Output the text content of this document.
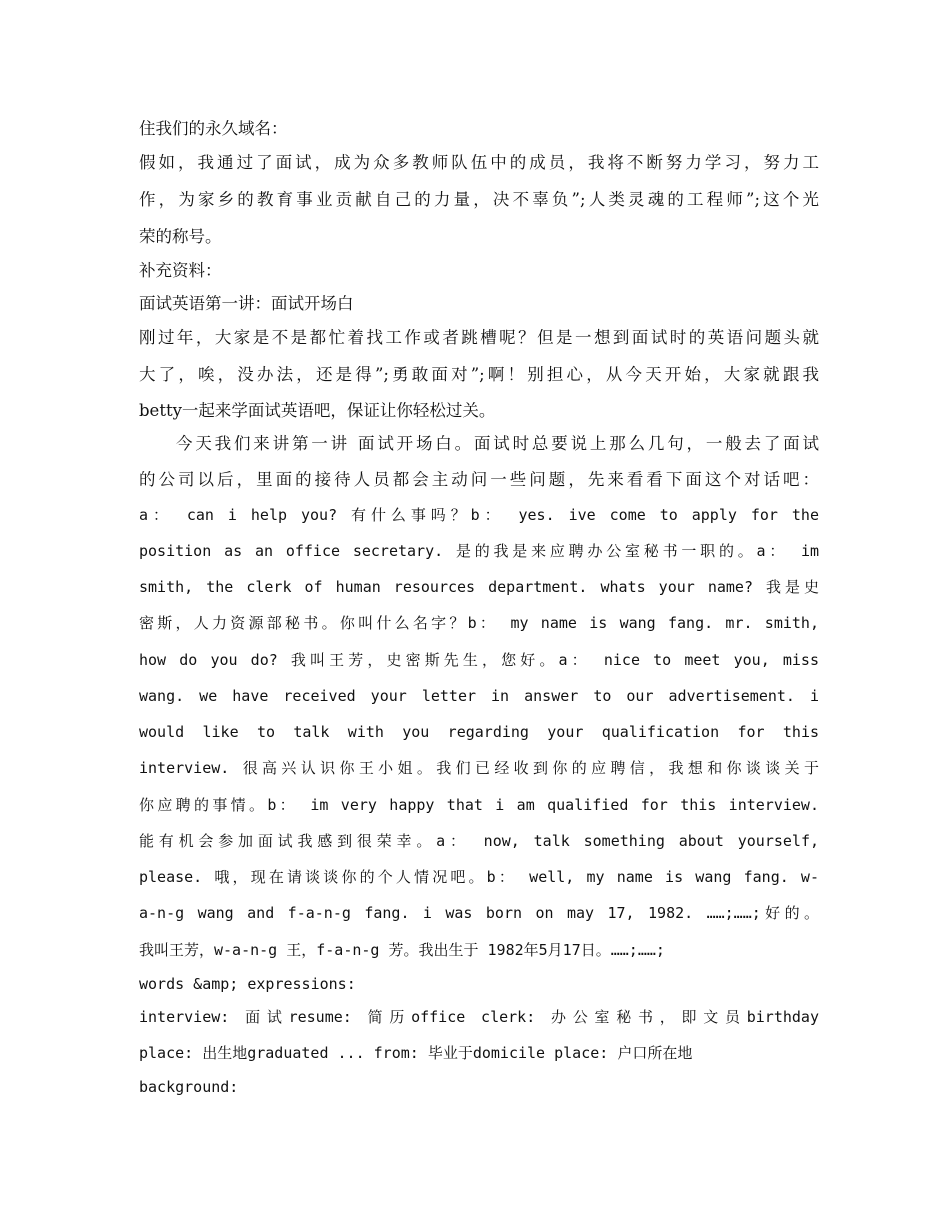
住我们的永久域名：
假如，我通过了面试，成为众多教师队伍中的成员，我将不断努力学习，努力工
作，为家乡的教育事业贡献自己的力量，决不辜负”;人类灵魂的工程师”;这个光
荣的称号。
补充资料：
面试英语第一讲：面试开场白
刚过年，大家是不是都忙着找工作或者跳槽呢？但是一想到面试时的英语问题头就
大了，唉，没办法，还是得”;勇敢面对”;啊！别担心，从今天开始，大家就跟我
betty一起来学面试英语吧，保证让你轻松过关。
今天我们来讲第一讲 面试开场白。面试时总要说上那么几句，一般去了面试
的公司以后，里面的接待人员都会主动问一些问题，先来看看下面这个对话吧：
a： can i help you? 有什么事吗？b： yes. ive come to apply for the
position as an office secretary. 是的我是来应聘办公室秘书一职的。a： im
smith, the clerk of human resources department. whats your name? 我是史
密斯，人力资源部秘书。你叫什么名字？b： my name is wang fang. mr. smith,
how do you do? 我叫王芳，史密斯先生，您好。a： nice to meet you, miss
wang. we have received your letter in answer to our advertisement. i
would like to talk with you regarding your qualification for this
interview. 很高兴认识你王小姐。我们已经收到你的应聘信，我想和你谈谈关于
你应聘的事情。b： im very happy that i am qualified for this interview.
能有机会参加面试我感到很荣幸。a： now, talk something about yourself,
please. 哦，现在请谈谈你的个人情况吧。b： well, my name is wang fang. w-
a-n-g wang and f-a-n-g fang. i was born on may 17, 1982. ……;……;好的。
我叫王芳，w-a-n-g 王，f-a-n-g 芳。我出生于 1982年5月17日。……;……;
words &amp; expressions:
interview: 面试resume: 简历office clerk: 办公室秘书，即文员birthday
place: 出生地graduated ... from: 毕业于domicile place: 户口所在地
background:
